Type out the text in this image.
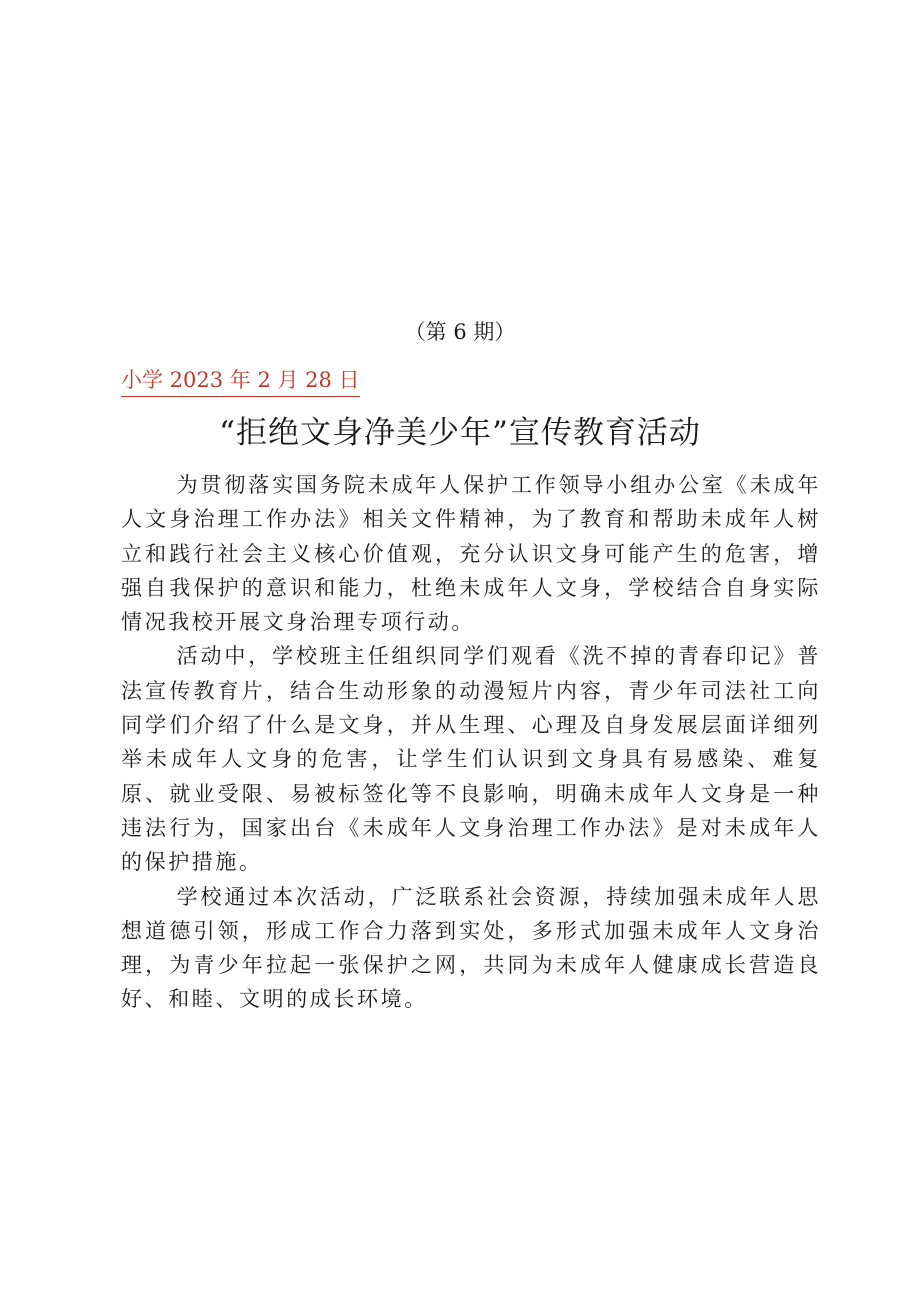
（第 6 期）
小学 2023 年 2 月 28 日
“拒绝文身净美少年”宣传教育活动

为贯彻落实国务院未成年人保护工作领导小组办公室《未成年人文身治理工作办法》相关文件精神，为了教育和帮助未成年人树立和践行社会主义核心价值观，充分认识文身可能产生的危害，增强自我保护的意识和能力，杜绝未成年人文身，学校结合自身实际情况我校开展文身治理专项行动。

活动中，学校班主任组织同学们观看《洗不掉的青春印记》普法宣传教育片，结合生动形象的动漫短片内容，青少年司法社工向同学们介绍了什么是文身，并从生理、心理及自身发展层面详细列举未成年人文身的危害，让学生们认识到文身具有易感染、难复原、就业受限、易被标签化等不良影响，明确未成年人文身是一种违法行为，国家出台《未成年人文身治理工作办法》是对未成年人的保护措施。

学校通过本次活动，广泛联系社会资源，持续加强未成年人思想道德引领，形成工作合力落到实处，多形式加强未成年人文身治理，为青少年拉起一张保护之网，共同为未成年人健康成长营造良好、和睦、文明的成长环境。
